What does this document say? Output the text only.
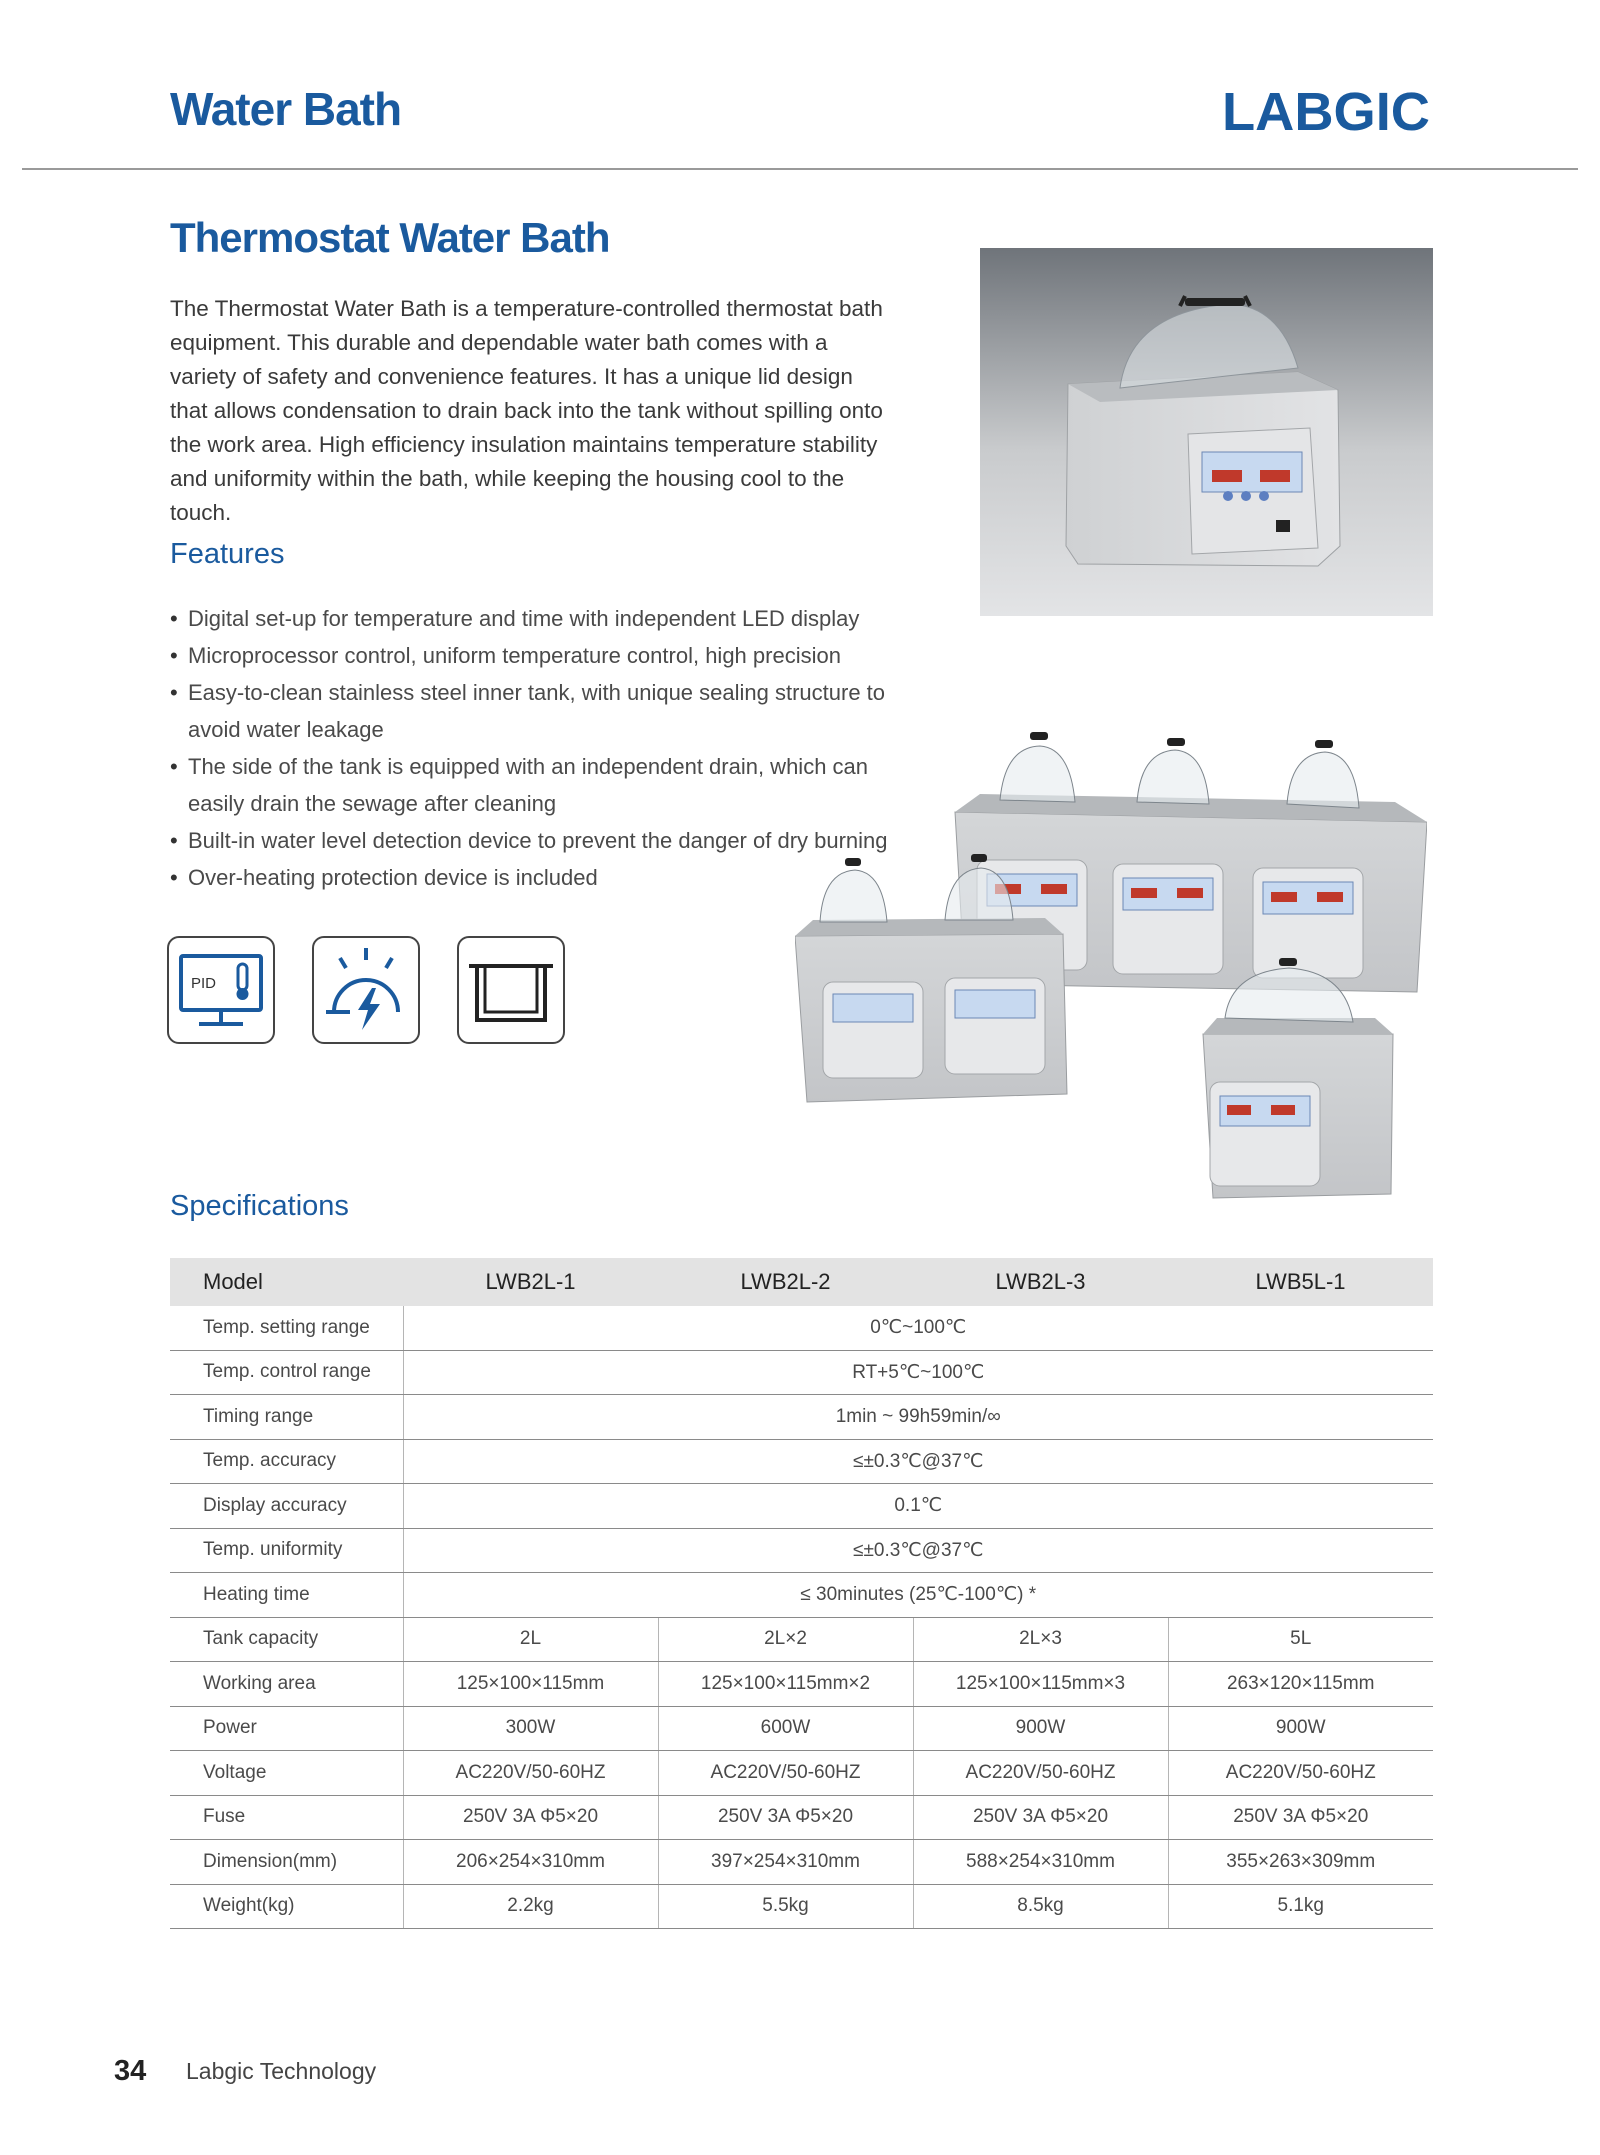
Water Bath	LABGIC
Thermostat Water Bath
The Thermostat Water Bath is a temperature-controlled thermostat bath equipment. This durable and dependable water bath comes with a variety of safety and convenience features. It has a unique lid design that allows condensation to drain back into the tank without spilling onto the work area. High efficiency insulation maintains temperature stability and uniformity within the bath, while keeping the housing cool to the touch.
Features
• Digital set-up for temperature and time with independent LED display
• Microprocessor control, uniform temperature control, high precision
• Easy-to-clean stainless steel inner tank, with unique sealing structure to avoid water leakage
• The side of the tank is equipped with an independent drain, which can easily drain the sewage after cleaning
• Built-in water level detection device to prevent the danger of dry burning
• Over-heating protection device is included
PID
Specifications
Model	LWB2L-1	LWB2L-2	LWB2L-3	LWB5L-1
Temp. setting range	0℃~100℃			
Temp. control range	RT+5℃~100℃			
Timing range	1min ~ 99h59min/∞			
Temp. accuracy	≤±0.3℃@37℃			
Display accuracy	0.1℃			
Temp. uniformity	≤±0.3℃@37℃			
Heating time	≤ 30minutes (25℃-100℃) *			
Tank capacity	2L	2L×2	2L×3	5L
Working area	125×100×115mm	125×100×115mm×2	125×100×115mm×3	263×120×115mm
Power	300W	600W	900W	900W
Voltage	AC220V/50-60HZ	AC220V/50-60HZ	AC220V/50-60HZ	AC220V/50-60HZ
Fuse	250V 3A Φ5×20	250V 3A Φ5×20	250V 3A Φ5×20	250V 3A Φ5×20
Dimension(mm)	206×254×310mm	397×254×310mm	588×254×310mm	355×263×309mm
Weight(kg)	2.2kg	5.5kg	8.5kg	5.1kg
34 Labgic Technology
